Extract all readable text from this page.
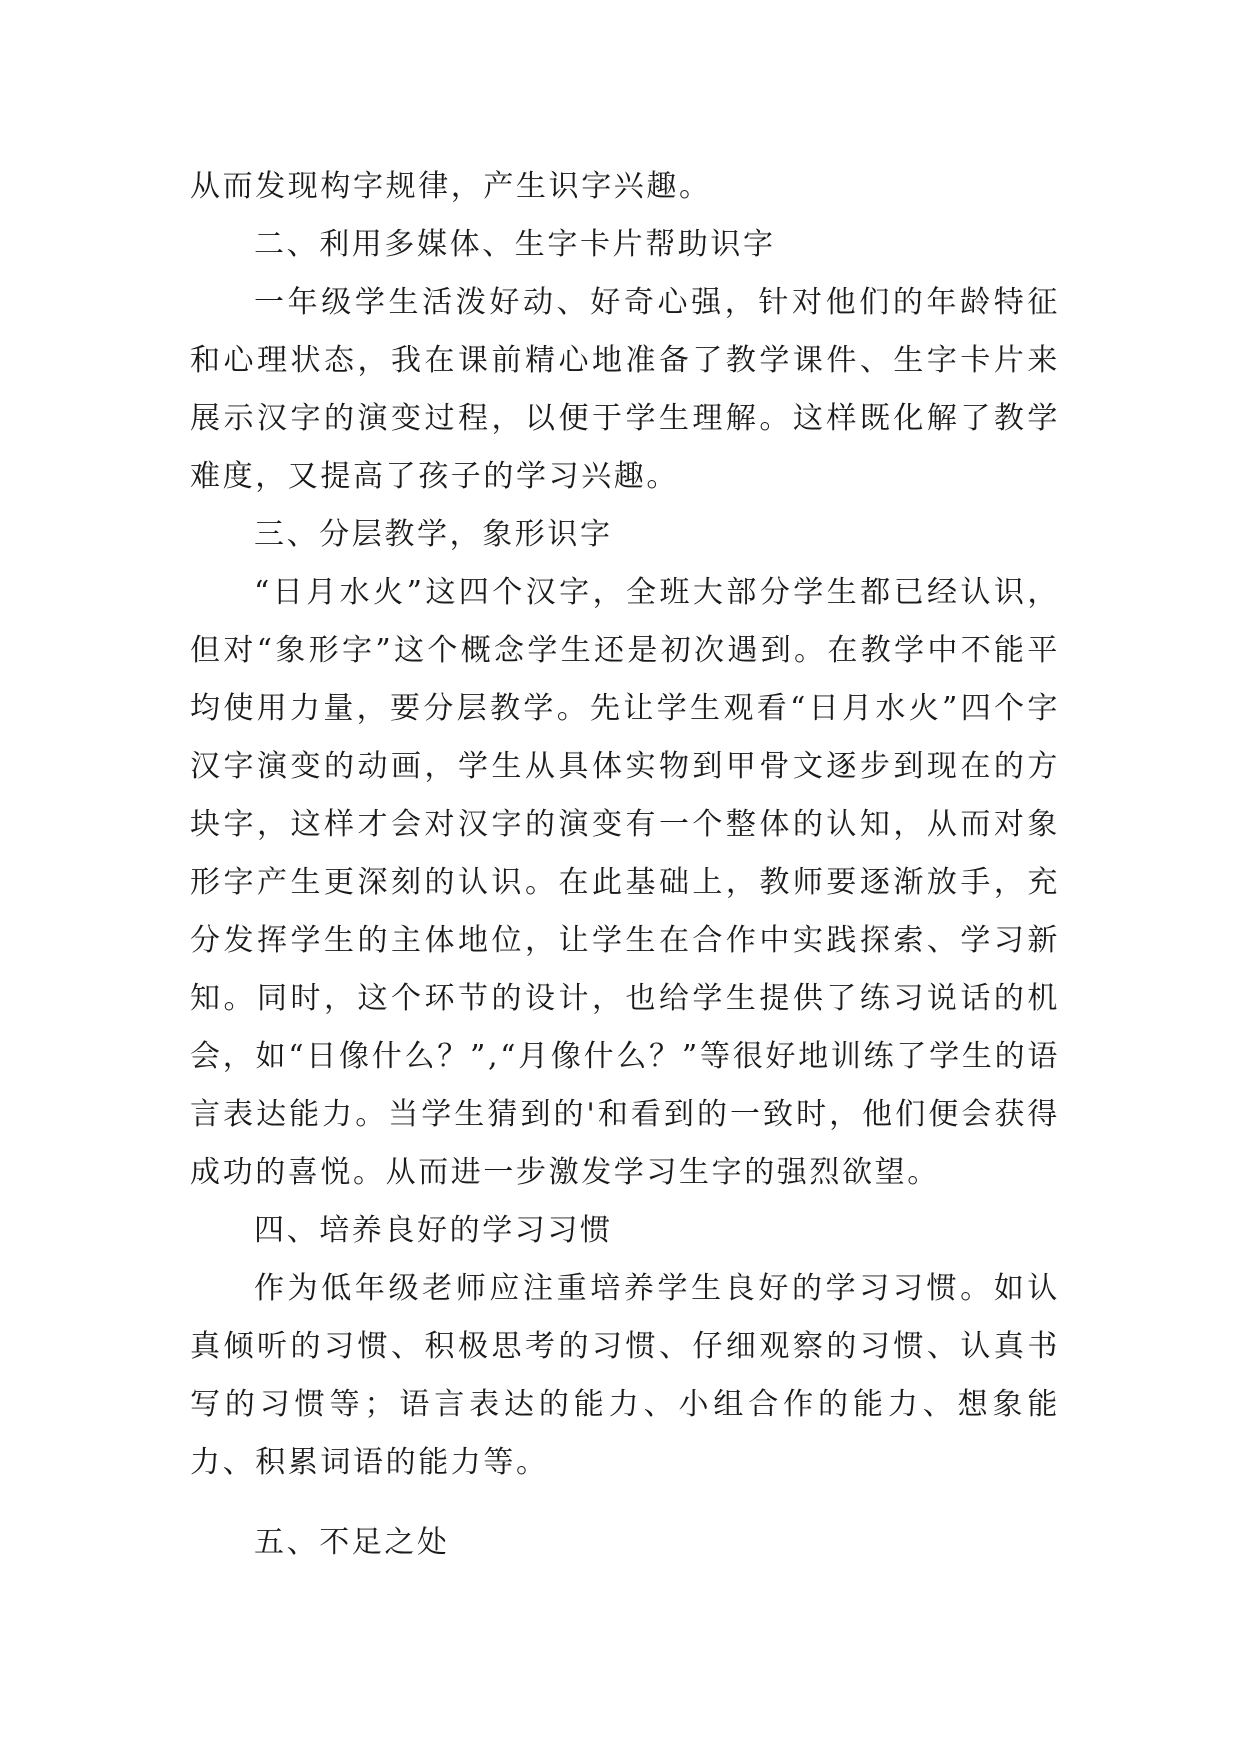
从而发现构字规律，产生识字兴趣。

二、利用多媒体、生字卡片帮助识字

一年级学生活泼好动、好奇心强，针对他们的年龄特征和心理状态，我在课前精心地准备了教学课件、生字卡片来展示汉字的演变过程，以便于学生理解。这样既化解了教学难度，又提高了孩子的学习兴趣。

三、分层教学，象形识字

“日月水火”这四个汉字，全班大部分学生都已经认识，但对“象形字”这个概念学生还是初次遇到。在教学中不能平均使用力量，要分层教学。先让学生观看“日月水火”四个字汉字演变的动画，学生从具体实物到甲骨文逐步到现在的方块字，这样才会对汉字的演变有一个整体的认知，从而对象形字产生更深刻的认识。在此基础上，教师要逐渐放手，充分发挥学生的主体地位，让学生在合作中实践探索、学习新知。同时，这个环节的设计，也给学生提供了练习说话的机会，如“日像什么？”,“月像什么？”等很好地训练了学生的语言表达能力。当学生猜到的'和看到的一致时，他们便会获得成功的喜悦。从而进一步激发学习生字的强烈欲望。

四、培养良好的学习习惯

作为低年级老师应注重培养学生良好的学习习惯。如认真倾听的习惯、积极思考的习惯、仔细观察的习惯、认真书写的习惯等；语言表达的能力、小组合作的能力、想象能力、积累词语的能力等。

五、不足之处
